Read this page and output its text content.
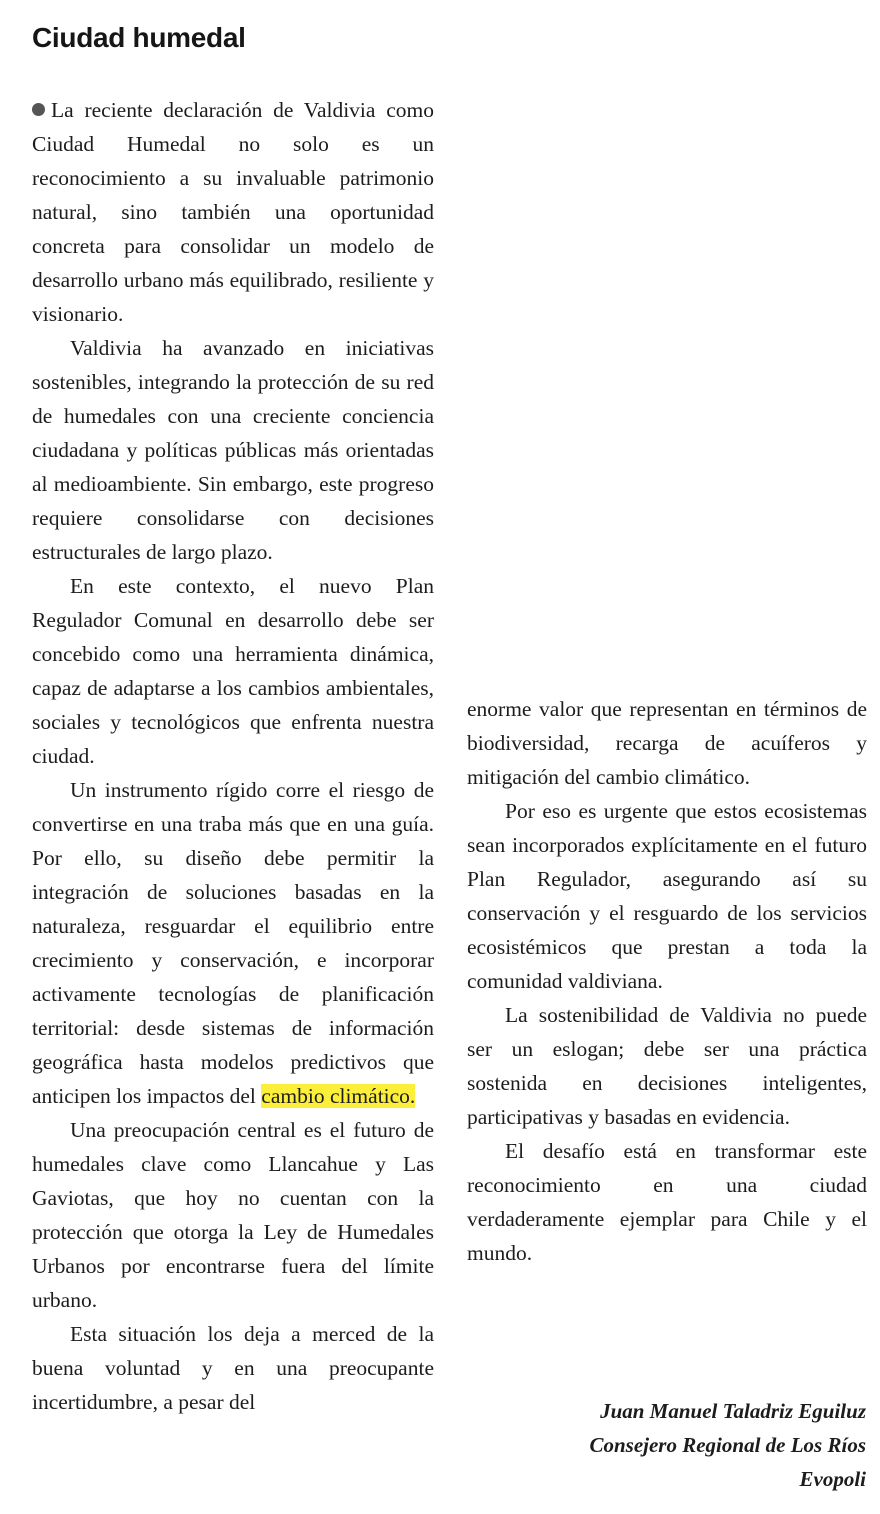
Ciudad humedal

La reciente declaración de Valdivia como Ciudad Humedal no solo es un reconocimiento a su invaluable patrimonio natural, sino también una oportunidad concreta para consolidar un modelo de desarrollo urbano más equilibrado, resiliente y visionario.

Valdivia ha avanzado en iniciativas sostenibles, integrando la protección de su red de humedales con una creciente conciencia ciudadana y políticas públicas más orientadas al medioambiente. Sin embargo, este progreso requiere consolidarse con decisiones estructurales de largo plazo.

En este contexto, el nuevo Plan Regulador Comunal en desarrollo debe ser concebido como una herramienta dinámica, capaz de adaptarse a los cambios ambientales, sociales y tecnológicos que enfrenta nuestra ciudad.

Un instrumento rígido corre el riesgo de convertirse en una traba más que en una guía. Por ello, su diseño debe permitir la integración de soluciones basadas en la naturaleza, resguardar el equilibrio entre crecimiento y conservación, e incorporar activamente tecnologías de planificación territorial: desde sistemas de información geográfica hasta modelos predictivos que anticipen los impactos del cambio climático.

Una preocupación central es el futuro de humedales clave como Llancahue y Las Gaviotas, que hoy no cuentan con la protección que otorga la Ley de Humedales Urbanos por encontrarse fuera del límite urbano.

Esta situación los deja a merced de la buena voluntad y en una preocupante incertidumbre, a pesar del

enorme valor que representan en términos de biodiversidad, recarga de acuíferos y mitigación del cambio climático.

Por eso es urgente que estos ecosistemas sean incorporados explícitamente en el futuro Plan Regulador, asegurando así su conservación y el resguardo de los servicios ecosistémicos que prestan a toda la comunidad valdiviana.

La sostenibilidad de Valdivia no puede ser un eslogan; debe ser una práctica sostenida en decisiones inteligentes, participativas y basadas en evidencia.

El desafío está en transformar este reconocimiento en una ciudad verdaderamente ejemplar para Chile y el mundo.

Juan Manuel Taladriz Eguiluz
Consejero Regional de Los Ríos
Evopoli
